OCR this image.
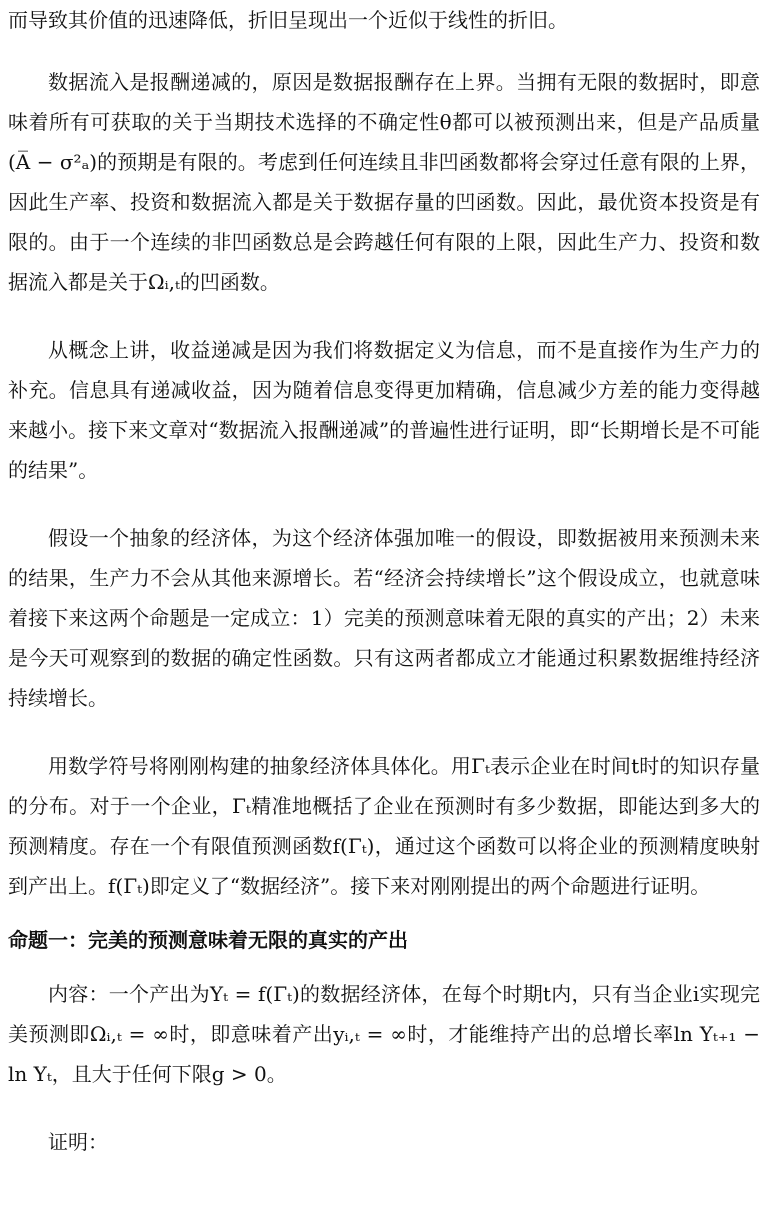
而导致其价值的迅速降低，折旧呈现出一个近似于线性的折旧。

数据流入是报酬递减的，原因是数据报酬存在上界。当拥有无限的数据时，即意味着所有可获取的关于当期技术选择的不确定性θ都可以被预测出来，但是产品质量(A̅ − σ²ₐ)的预期是有限的。考虑到任何连续且非凹函数都将会穿过任意有限的上界，因此生产率、投资和数据流入都是关于数据存量的凹函数。因此，最优资本投资是有限的。由于一个连续的非凹函数总是会跨越任何有限的上限，因此生产力、投资和数据流入都是关于Ωᵢ,ₜ的凹函数。

从概念上讲，收益递减是因为我们将数据定义为信息，而不是直接作为生产力的补充。信息具有递减收益，因为随着信息变得更加精确，信息减少方差的能力变得越来越小。接下来文章对“数据流入报酬递减”的普遍性进行证明，即“长期增长是不可能的结果”。

假设一个抽象的经济体，为这个经济体强加唯一的假设，即数据被用来预测未来的结果，生产力不会从其他来源增长。若“经济会持续增长”这个假设成立，也就意味着接下来这两个命题是一定成立：1）完美的预测意味着无限的真实的产出；2）未来是今天可观察到的数据的确定性函数。只有这两者都成立才能通过积累数据维持经济持续增长。

用数学符号将刚刚构建的抽象经济体具体化。用Γₜ表示企业在时间t时的知识存量的分布。对于一个企业，Γₜ精准地概括了企业在预测时有多少数据，即能达到多大的预测精度。存在一个有限值预测函数f(Γₜ)，通过这个函数可以将企业的预测精度映射到产出上。f(Γₜ)即定义了“数据经济”。接下来对刚刚提出的两个命题进行证明。

命题一：完美的预测意味着无限的真实的产出

内容：一个产出为Yₜ = f(Γₜ)的数据经济体，在每个时期t内，只有当企业i实现完美预测即Ωᵢ,ₜ = ∞时，即意味着产出yᵢ,ₜ = ∞时，才能维持产出的总增长率ln Yₜ₊₁ − ln Yₜ，且大于任何下限g > 0。

证明：
